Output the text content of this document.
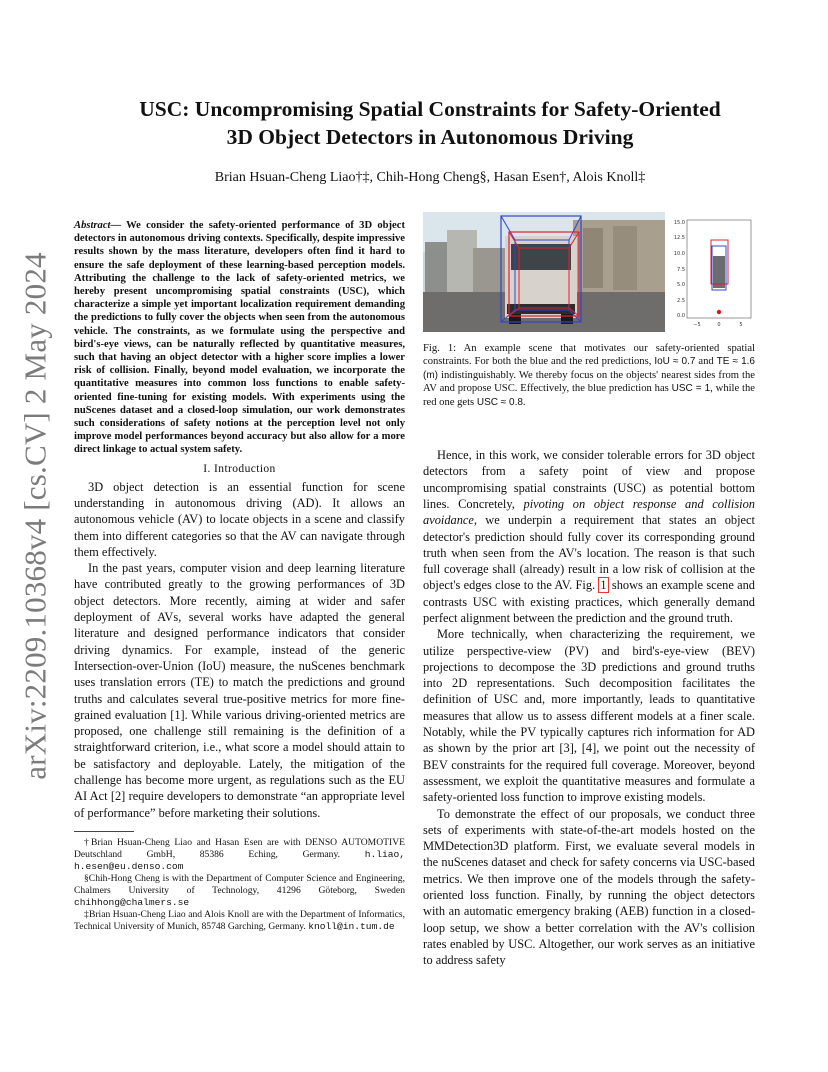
arXiv:2209.10368v4 [cs.CV] 2 May 2024
USC: Uncompromising Spatial Constraints for Safety-Oriented
3D Object Detectors in Autonomous Driving
Brian Hsuan-Cheng Liao†‡, Chih-Hong Cheng§, Hasan Esen†, Alois Knoll‡
Abstract— We consider the safety-oriented performance of 3D object detectors in autonomous driving contexts. Specifically, despite impressive results shown by the mass literature, developers often find it hard to ensure the safe deployment of these learning-based perception models. Attributing the challenge to the lack of safety-oriented metrics, we hereby present uncompromising spatial constraints (USC), which characterize a simple yet important localization requirement demanding the predictions to fully cover the objects when seen from the autonomous vehicle. The constraints, as we formulate using the perspective and bird's-eye views, can be naturally reflected by quantitative measures, such that having an object detector with a higher score implies a lower risk of collision. Finally, beyond model evaluation, we incorporate the quantitative measures into common loss functions to enable safety-oriented fine-tuning for existing models. With experiments using the nuScenes dataset and a closed-loop simulation, our work demonstrates such considerations of safety notions at the perception level not only improve model performances beyond accuracy but also allow for a more direct linkage to actual system safety.
I. Introduction

3D object detection is an essential function for scene understanding in autonomous driving (AD). It allows an autonomous vehicle (AV) to locate objects in a scene and classify them into different categories so that the AV can navigate through them effectively.

In the past years, computer vision and deep learning literature have contributed greatly to the growing performances of 3D object detectors. More recently, aiming at wider and safer deployment of AVs, several works have adapted the general literature and designed performance indicators that consider driving dynamics. For example, instead of the generic Intersection-over-Union (IoU) measure, the nuScenes benchmark uses translation errors (TE) to match the predictions and ground truths and calculates several true-positive metrics for more fine-grained evaluation [1]. While various driving-oriented metrics are proposed, one challenge still remaining is the definition of a straightforward criterion, i.e., what score a model should attain to be satisfactory and deployable. Lately, the mitigation of the challenge has become more urgent, as regulations such as the EU AI Act [2] require developers to demonstrate “an appropriate level of performance” before marketing their solutions.

†Brian Hsuan-Cheng Liao and Hasan Esen are with DENSO AUTOMOTIVE Deutschland GmbH, 85386 Eching, Germany. h.liao, h.esen@eu.denso.com

§Chih-Hong Cheng is with the Department of Computer Science and Engineering, Chalmers University of Technology, 41296 Göteborg, Sweden chihhong@chalmers.se

‡Brian Hsuan-Cheng Liao and Alois Knoll are with the Department of Informatics, Technical University of Munich, 85748 Garching, Germany. knoll@in.tum.de

15.0
12.5
10.0
7.5
5.0
2.5
0.0
−5	0	5
Fig. 1: An example scene that motivates our safety-oriented spatial constraints. For both the blue and the red predictions, IoU ≈ 0.7 and TE ≈ 1.6 (m) indistinguishably. We thereby focus on the objects' nearest sides from the AV and propose USC. Effectively, the blue prediction has USC = 1, while the red one gets USC ≈ 0.8.

Hence, in this work, we consider tolerable errors for 3D object detectors from a safety point of view and propose uncompromising spatial constraints (USC) as potential bottom lines. Concretely, pivoting on object response and collision avoidance, we underpin a requirement that states an object detector's prediction should fully cover its corresponding ground truth when seen from the AV's location. The reason is that such full coverage shall (already) result in a low risk of collision at the object's edges close to the AV. Fig. 1 shows an example scene and contrasts USC with existing practices, which generally demand perfect alignment between the prediction and the ground truth.

More technically, when characterizing the requirement, we utilize perspective-view (PV) and bird's-eye-view (BEV) projections to decompose the 3D predictions and ground truths into 2D representations. Such decomposition facilitates the definition of USC and, more importantly, leads to quantitative measures that allow us to assess different models at a finer scale. Notably, while the PV typically captures rich information for AD as shown by the prior art [3], [4], we point out the necessity of BEV constraints for the required full coverage. Moreover, beyond assessment, we exploit the quantitative measures and formulate a safety-oriented loss function to improve existing models.

To demonstrate the effect of our proposals, we conduct three sets of experiments with state-of-the-art models hosted on the MMDetection3D platform. First, we evaluate several models in the nuScenes dataset and check for safety concerns via USC-based metrics. We then improve one of the models through the safety-oriented loss function. Finally, by running the object detectors with an automatic emergency braking (AEB) function in a closed-loop setup, we show a better correlation with the AV's collision rates enabled by USC. Altogether, our work serves as an initiative to address safety
